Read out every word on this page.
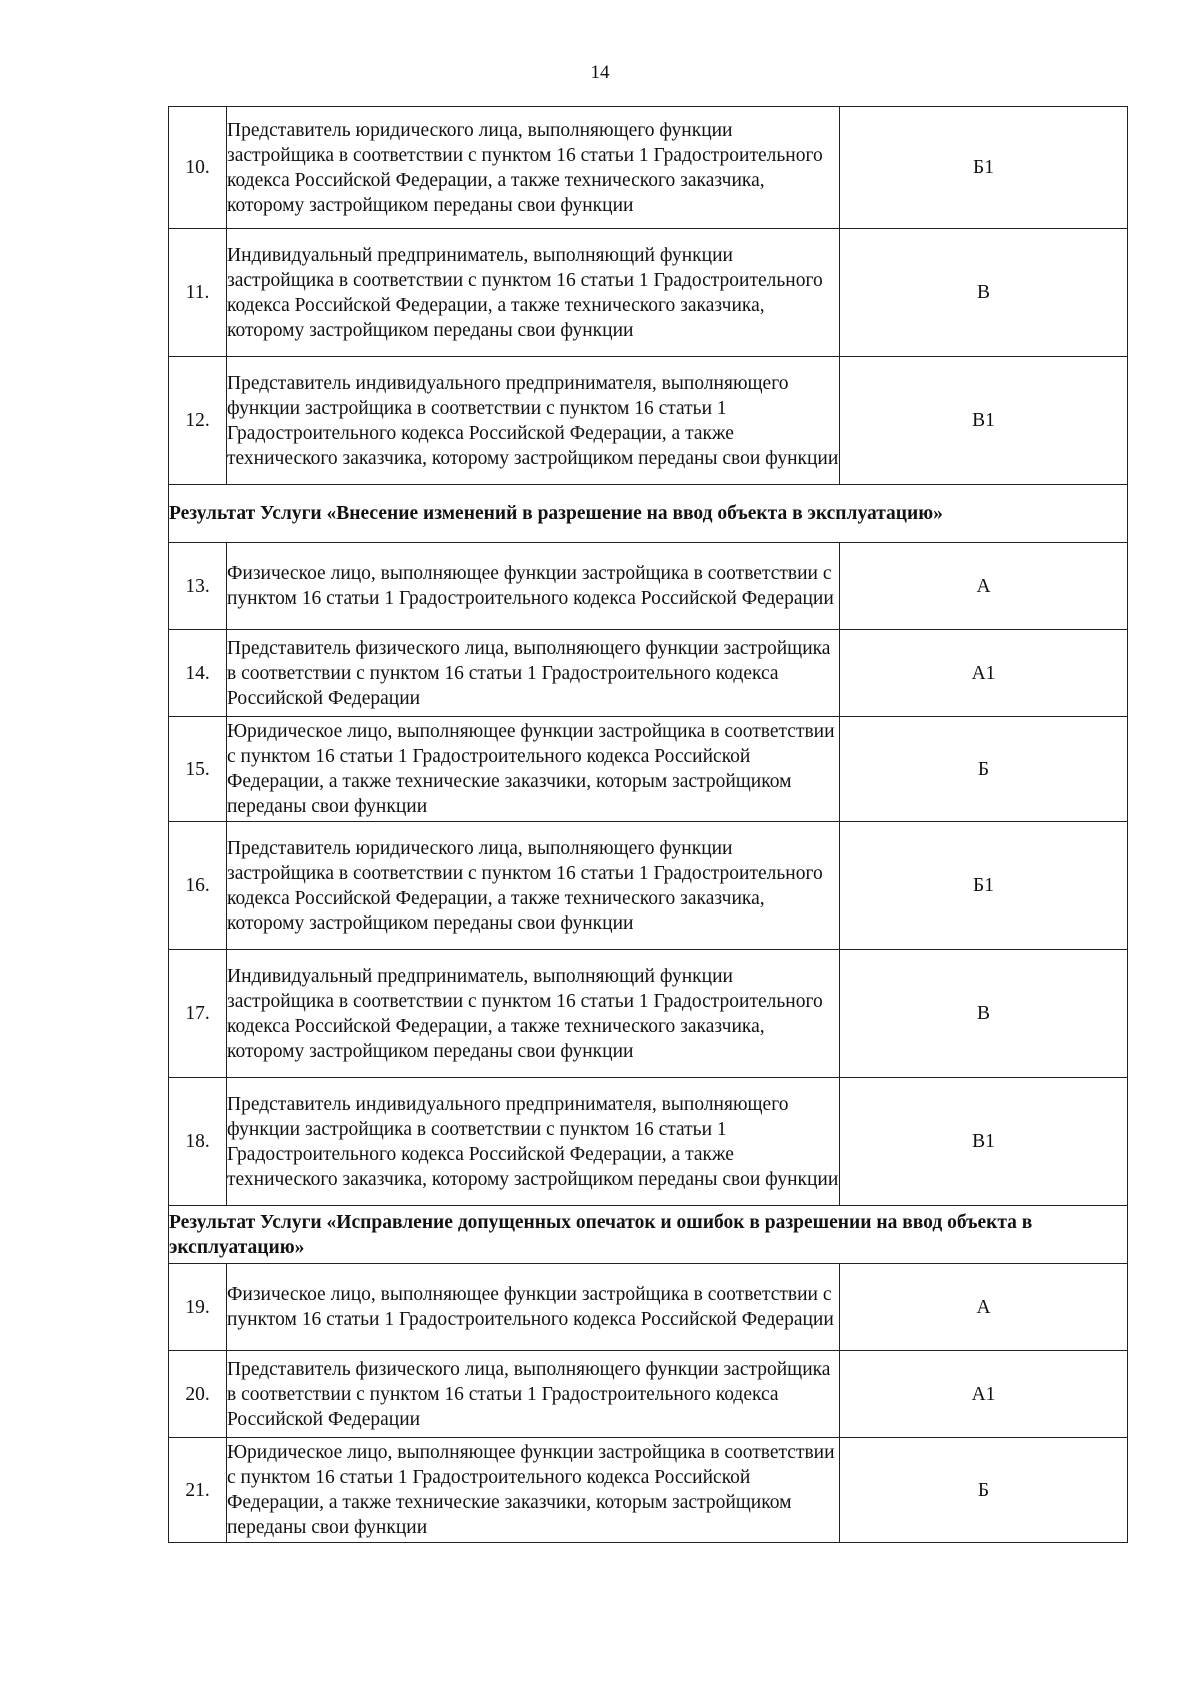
14
10.	Представитель юридического лица, выполняющего функции застройщика в соответствии с пунктом 16 статьи 1 Градостроительного кодекса Российской Федерации, а также технического заказчика, которому застройщиком переданы свои функции	Б1
11.	Индивидуальный предприниматель, выполняющий функции застройщика в соответствии с пунктом 16 статьи 1 Градостроительного кодекса Российской Федерации, а также технического заказчика, которому застройщиком переданы свои функции	В
12.	Представитель индивидуального предпринимателя, выполняющего функции застройщика в соответствии с пунктом 16 статьи 1 Градостроительного кодекса Российской Федерации, а также технического заказчика, которому застройщиком переданы свои функции	В1
Результат Услуги «Внесение изменений в разрешение на ввод объекта в эксплуатацию»		
13.	Физическое лицо, выполняющее функции застройщика в соответствии с пунктом 16 статьи 1 Градостроительного кодекса Российской Федерации	А
14.	Представитель физического лица, выполняющего функции застройщика в соответствии с пунктом 16 статьи 1 Градостроительного кодекса Российской Федерации	А1
15.	Юридическое лицо, выполняющее функции застройщика в соответствии с пунктом 16 статьи 1 Градостроительного кодекса Российской Федерации, а также технические заказчики, которым застройщиком переданы свои функции	Б
16.	Представитель юридического лица, выполняющего функции застройщика в соответствии с пунктом 16 статьи 1 Градостроительного кодекса Российской Федерации, а также технического заказчика, которому застройщиком переданы свои функции	Б1
17.	Индивидуальный предприниматель, выполняющий функции застройщика в соответствии с пунктом 16 статьи 1 Градостроительного кодекса Российской Федерации, а также технического заказчика, которому застройщиком переданы свои функции	В
18.	Представитель индивидуального предпринимателя, выполняющего функции застройщика в соответствии с пунктом 16 статьи 1 Градостроительного кодекса Российской Федерации, а также технического заказчика, которому застройщиком переданы свои функции	В1
Результат Услуги «Исправление допущенных опечаток и ошибок в разрешении на ввод объекта в эксплуатацию»		
19.	Физическое лицо, выполняющее функции застройщика в соответствии с пунктом 16 статьи 1 Градостроительного кодекса Российской Федерации	А
20.	Представитель физического лица, выполняющего функции застройщика в соответствии с пунктом 16 статьи 1 Градостроительного кодекса Российской Федерации	А1
21.	Юридическое лицо, выполняющее функции застройщика в соответствии с пунктом 16 статьи 1 Градостроительного кодекса Российской Федерации, а также технические заказчики, которым застройщиком переданы свои функции	Б
